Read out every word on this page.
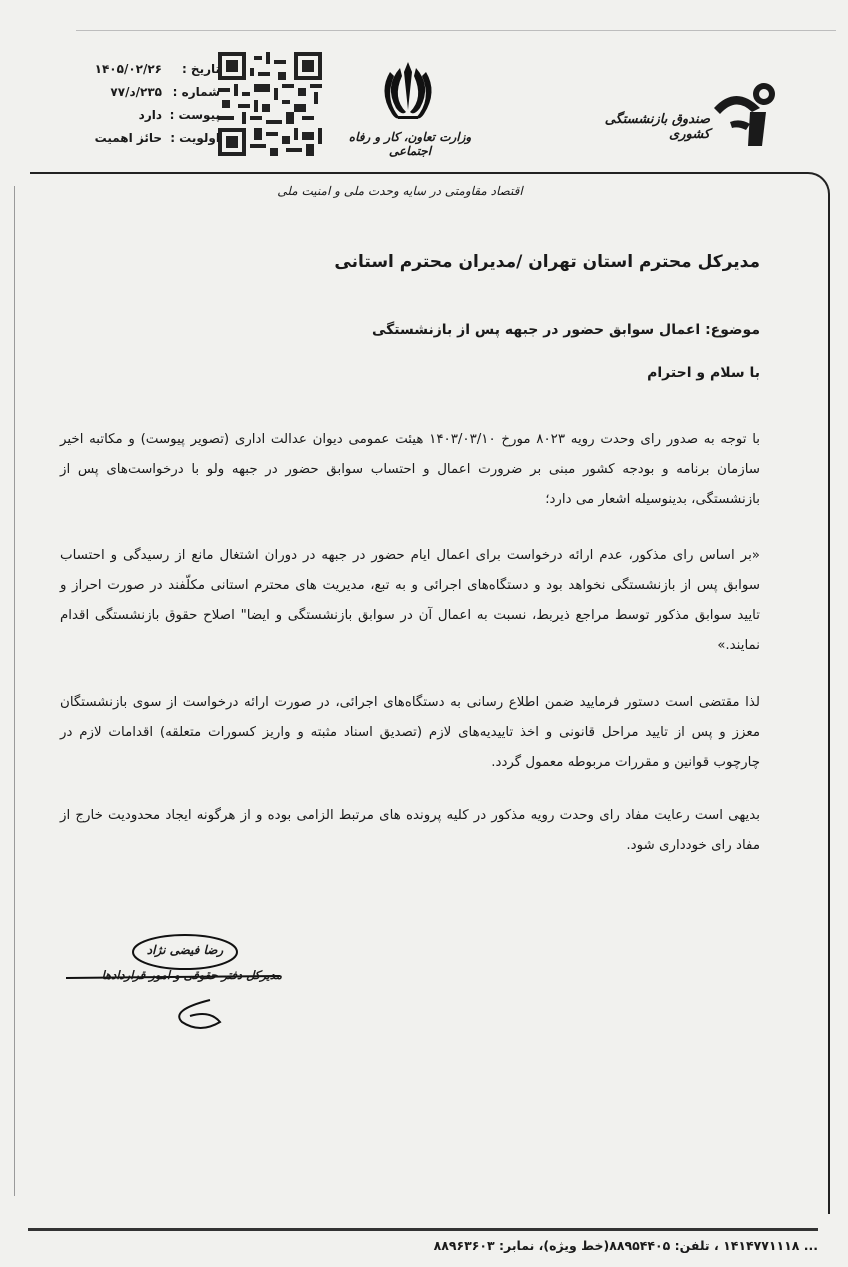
صندوق بازنشستگی کشوری
وزارت تعاون، کار و رفاه اجتماعی
تاریخ :
۱۴۰۵/۰۲/۲۶
شماره :
۲۳۵/د/۷۷
پیوست :
دارد
اولویت :
حائز اهمیت
اقتصاد مقاومتی در سایه وحدت ملی و امنیت ملی
مدیرکل محترم استان تهران /مدیران محترم استانی
موضوع: اعمال سوابق حضور در جبهه پس از بازنشستگی
با سلام و احترام
با توجه به صدور رای وحدت رویه ۸۰۲۳ مورخ ۱۴۰۳/۰۳/۱۰ هیئت عمومی دیوان عدالت اداری (تصویر پیوست) و مکاتبه اخیر سازمان برنامه و بودجه کشور مبنی بر ضرورت اعمال و احتساب سوابق حضور در جبهه ولو با درخواست‌های پس از بازنشستگی، بدینوسیله اشعار می دارد؛
«بر اساس رای مذکور، عدم ارائه درخواست برای اعمال ایام حضور در جبهه در دوران اشتغال مانع از رسیدگی و احتساب سوابق پس از بازنشستگی نخواهد بود و دستگاه‌های اجرائی و به تبع، مدیریت های محترم استانی مکلّفند در صورت احراز و تایید سوابق مذکور توسط مراجع ذیربط، نسبت به اعمال آن در سوابق بازنشستگی و ایضا" اصلاح حقوق بازنشستگی اقدام نمایند.»
لذا مقتضی است دستور فرمایید ضمن اطلاع رسانی به دستگاه‌های اجرائی، در صورت ارائه درخواست از سوی بازنشستگان معزز و پس از تایید مراحل قانونی و اخذ تاییدیه‌های لازم (تصدیق اسناد مثبته و واریز کسورات متعلقه) اقدامات لازم در چارچوب قوانین و مقررات مربوطه معمول گردد.
بدیهی است رعایت مفاد رای وحدت رویه مذکور در کلیه پرونده های مرتبط الزامی بوده و از هرگونه ایجاد محدودیت خارج از مفاد رای خودداری شود.
رضا فیضی نژاد
مدیرکل دفتر حقوقی و امور قراردادها
... ۱۴۱۴۷۷۱۱۱۸ ، تلفن: ۸۸۹۵۴۴۰۵(خط ویژه)، نمابر: ۸۸۹۶۳۶۰۳
